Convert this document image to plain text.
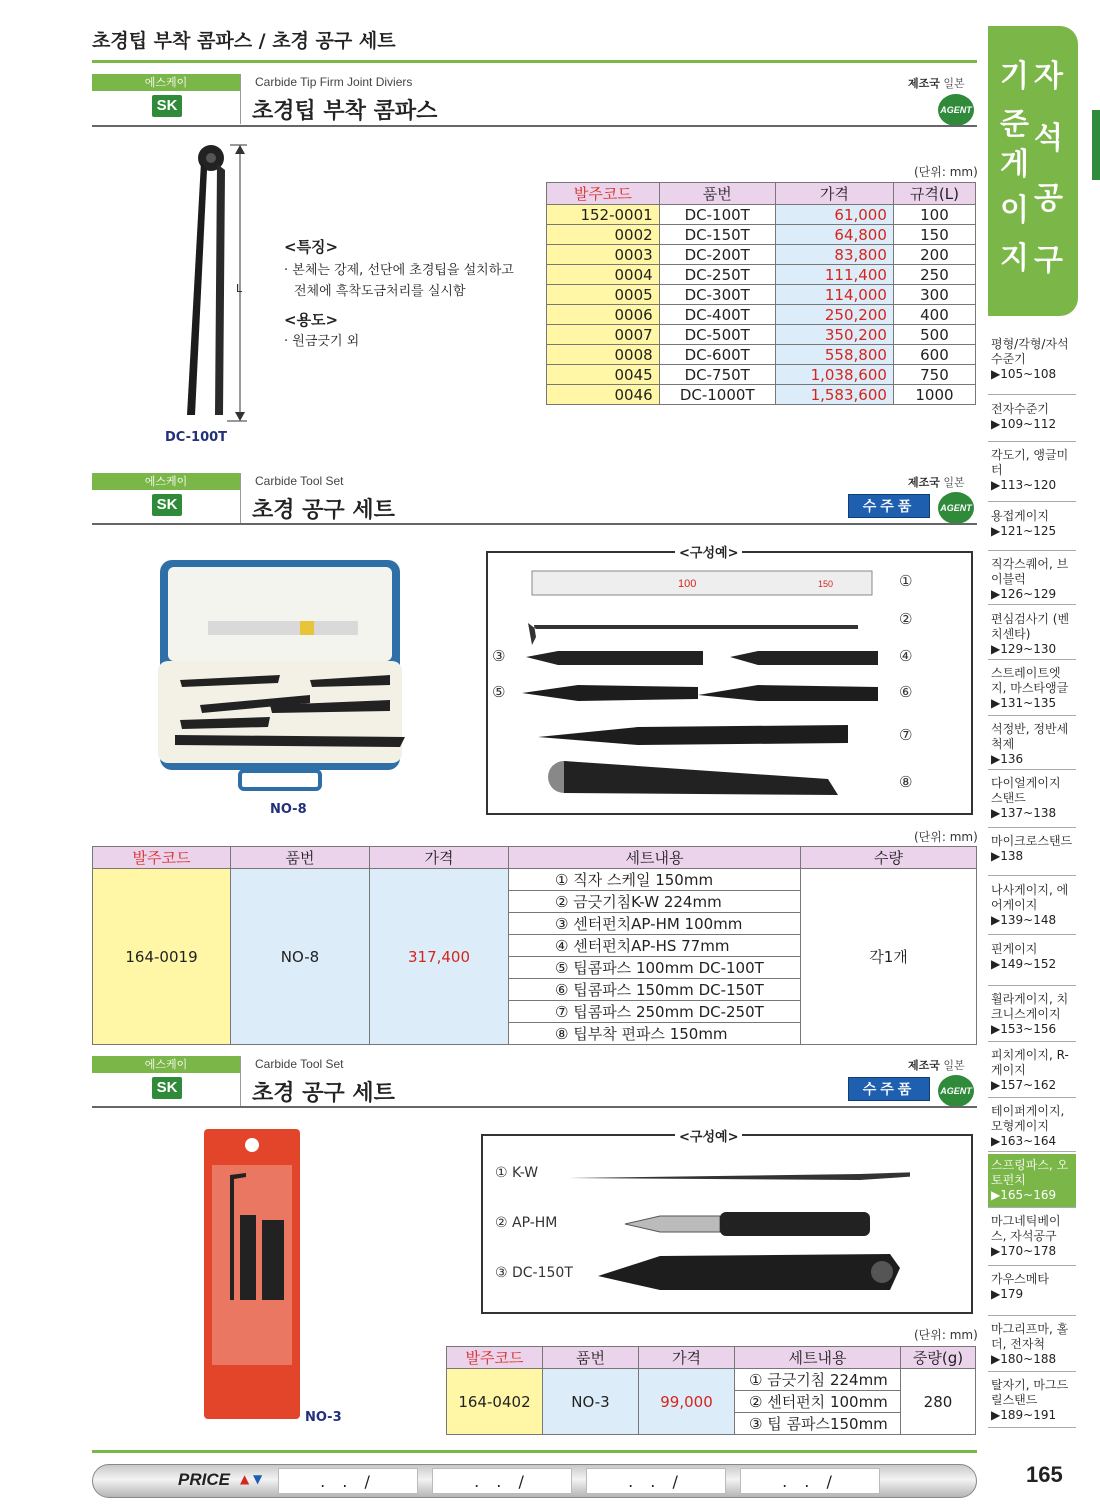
초경팁 부착 콤파스 / 초경 공구 세트
기 자
준 석
게
공
이
구
지
평형/각형/자석 수준기
▶105~108
전자수준기
▶109~112
각도기, 앵글미터
▶113~120
용접게이지
▶121~125
직각스퀘어, 브이블럭
▶126~129
편심검사기 (벤치센타)
▶129~130
스트레이트엣지, 마스타앵글
▶131~135
석정반, 정반세척제
▶136
다이얼게이지 스탠드
▶137~138
마이크로스탠드
▶138
나사게이지, 에어게이지
▶139~148
핀게이지
▶149~152
휠라게이지, 치크니스게이지
▶153~156
피치게이지, R-게이지
▶157~162
테이퍼게이지, 모형게이지
▶163~164
스프링파스, 오토펀치
▶165~169
마그네틱베이스, 자석공구
▶170~178
가우스메타
▶179
마그리프마, 홀더, 전자척
▶180~188
탈자기, 마그드릴스탠드
▶189~191
에스케이	Carbide Tip Firm Joint Diviers	제조국 일본
SK	초경팁 부착 콤파스	AGENT
L
DC-100T
<특징>
· 본체는 강제, 선단에 초경팁을 설치하고
전체에 흑착도금처리를 실시함
<용도>
· 원금긋기 외
(단위: mm)
발주코드	품번	가격	규격(L)
152-0001	DC-100T	61,000	100
0002	DC-150T	64,800	150
0003	DC-200T	83,800	200
0004	DC-250T	111,400	250
0005	DC-300T	114,000	300
0006	DC-400T	250,200	400
0007	DC-500T	350,200	500
0008	DC-600T	558,800	600
0045	DC-750T	1,038,600	750
0046	DC-1000T	1,583,600	1000
에스케이	Carbide Tool Set	제조국 일본
SK	초경 공구 세트	수주품	AGENT
NO-8
<구성예>
100	150	①
②
③	④
⑤	⑥
⑦
⑧
(단위: mm)
발주코드	품번	가격	세트내용	수량
164-0019	NO-8	317,400	① 직자 스케일 150mm	각1개
			② 금긋기침K-W 224mm	
			③ 센터펀치AP-HM 100mm	
			④ 센터펀치AP-HS 77mm	
			⑤ 팁콤파스 100mm DC-100T	
			⑥ 팁콤파스 150mm DC-150T	
			⑦ 팁콤파스 250mm DC-250T	
			⑧ 팁부착 편파스 150mm	
에스케이	Carbide Tool Set	제조국 일본
SK	초경 공구 세트	수주품	AGENT
NO-3
<구성예>
① K-W
② AP-HM
③ DC-150T
(단위: mm)
발주코드	품번	가격	세트내용	중량(g)
164-0402	NO-3	99,000	① 금긋기침 224mm	280
			② 센터펀치 100mm	
			③ 팁 콤파스150mm	
PRICE ▲ ▼	. . /	. . /	. . /	. . /	165
